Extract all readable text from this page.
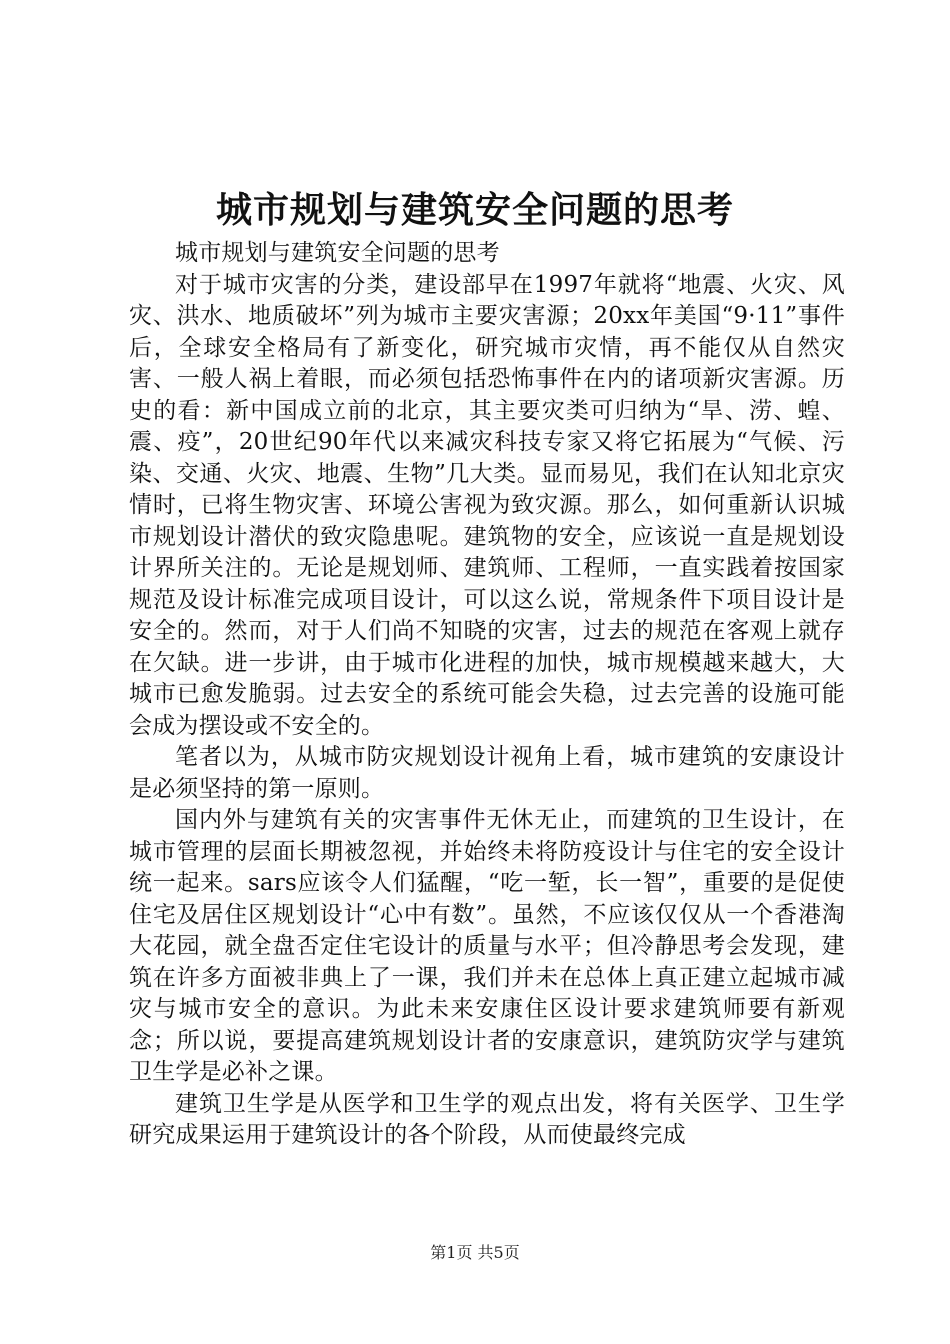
城市规划与建筑安全问题的思考

城市规划与建筑安全问题的思考

对于城市灾害的分类，建设部早在1997年就将“地震、火灾、风灾、洪水、地质破坏”列为城市主要灾害源；20xx年美国“9·11”事件后，全球安全格局有了新变化，研究城市灾情，再不能仅从自然灾害、一般人祸上着眼，而必须包括恐怖事件在内的诸项新灾害源。历史的看：新中国成立前的北京，其主要灾类可归纳为“旱、涝、蝗、震、疫”，20世纪90年代以来减灾科技专家又将它拓展为“气候、污染、交通、火灾、地震、生物”几大类。显而易见，我们在认知北京灾情时，已将生物灾害、环境公害视为致灾源。那么，如何重新认识城市规划设计潜伏的致灾隐患呢。建筑物的安全，应该说一直是规划设计界所关注的。无论是规划师、建筑师、工程师，一直实践着按国家规范及设计标准完成项目设计，可以这么说，常规条件下项目设计是安全的。然而，对于人们尚不知晓的灾害，过去的规范在客观上就存在欠缺。进一步讲，由于城市化进程的加快，城市规模越来越大，大城市已愈发脆弱。过去安全的系统可能会失稳，过去完善的设施可能会成为摆设或不安全的。

笔者以为，从城市防灾规划设计视角上看，城市建筑的安康设计是必须坚持的第一原则。

国内外与建筑有关的灾害事件无休无止，而建筑的卫生设计，在城市管理的层面长期被忽视，并始终未将防疫设计与住宅的安全设计统一起来。sars应该令人们猛醒，“吃一堑，长一智”，重要的是促使住宅及居住区规划设计“心中有数”。虽然，不应该仅仅从一个香港淘大花园，就全盘否定住宅设计的质量与水平；但冷静思考会发现，建筑在许多方面被非典上了一课，我们并未在总体上真正建立起城市减灾与城市安全的意识。为此未来安康住区设计要求建筑师要有新观念；所以说，要提高建筑规划设计者的安康意识，建筑防灾学与建筑卫生学是必补之课。

建筑卫生学是从医学和卫生学的观点出发，将有关医学、卫生学研究成果运用于建筑设计的各个阶段，从而使最终完成

第1页 共5页
